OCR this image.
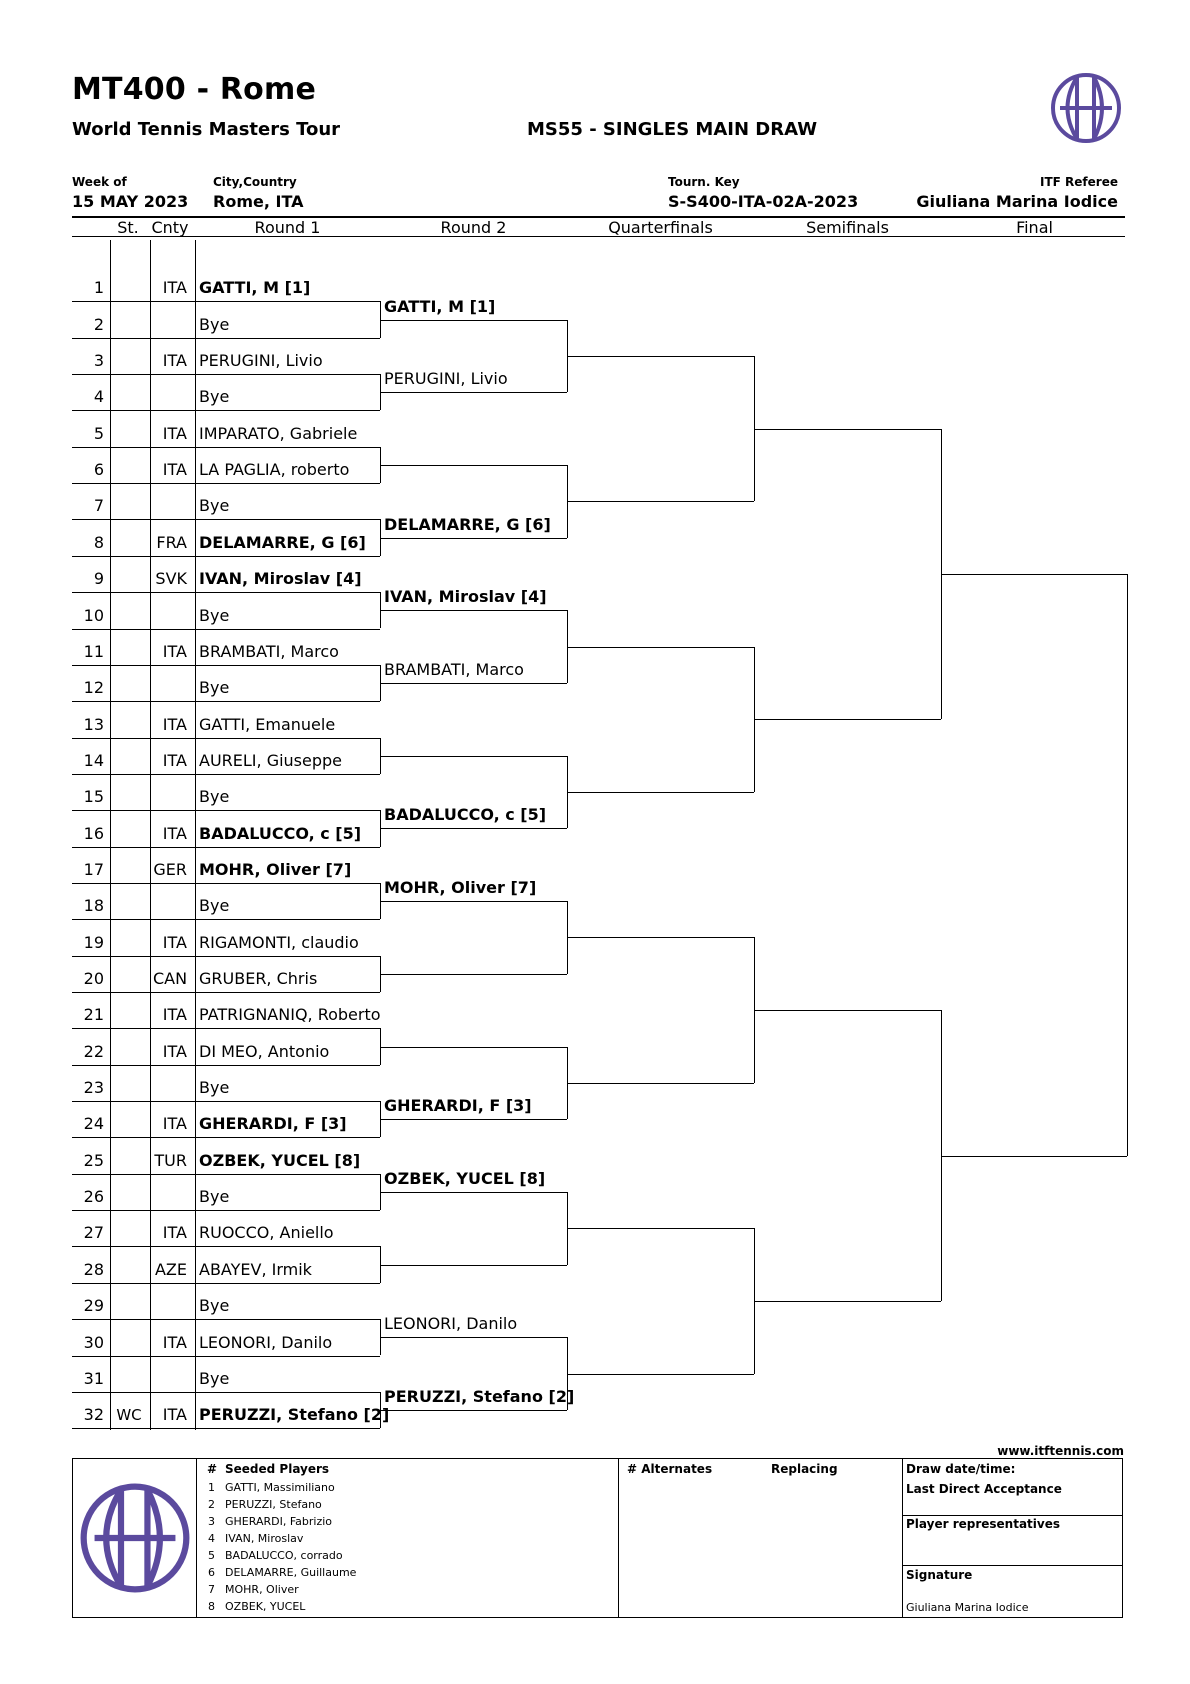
MT400 - Rome
World Tennis Masters Tour	MS55 - SINGLES MAIN DRAW
Week of
15 MAY 2023
City,Country
Rome, ITA
Tourn. Key
S-S400-ITA-02A-2023
ITF Referee
Giuliana Marina Iodice
St. Cnty	Round 1	Round 2	Quarterfinals	Semifinals	Final
1	ITA GATTI, M [1]
2	Bye
3	ITA PERUGINI, Livio
4	Bye
5	ITA IMPARATO, Gabriele
6	ITA LA PAGLIA, roberto
7	Bye
8	FRA DELAMARRE, G [6]
9	SVK IVAN, Miroslav [4]
10	Bye
11	ITA BRAMBATI, Marco
12	Bye
13	ITA GATTI, Emanuele
14	ITA AURELI, Giuseppe
15	Bye
16	ITA BADALUCCO, c [5]
17	GER MOHR, Oliver [7]
18	Bye
19	ITA RIGAMONTI, claudio
20	CAN GRUBER, Chris
21	ITA PATRIGNANIQ, Roberto
22	ITA DI MEO, Antonio
23	Bye
24	ITA GHERARDI, F [3]
25	TUR OZBEK, YUCEL [8]
26	Bye
27	ITA RUOCCO, Aniello
28	AZE ABAYEV, Irmik
29	Bye
30	ITA LEONORI, Danilo
31	Bye
32 WC	ITA PERUZZI, Stefano [2]
GATTI, M [1]
PERUGINI, Livio
DELAMARRE, G [6]
IVAN, Miroslav [4]
BRAMBATI, Marco
BADALUCCO, c [5]
MOHR, Oliver [7]
GHERARDI, F [3]
OZBEK, YUCEL [8]
LEONORI, Danilo
PERUZZI, Stefano [2]
www.itftennis.com
# Seeded Players
1 GATTI, Massimiliano
2 PERUZZI, Stefano
3 GHERARDI, Fabrizio
4 IVAN, Miroslav
5 BADALUCCO, corrado
6 DELAMARRE, Guillaume
7 MOHR, Oliver
8 OZBEK, YUCEL
# Alternates	Replacing	Draw date/time:
Last Direct Acceptance
Player representatives
Signature
Giuliana Marina Iodice
